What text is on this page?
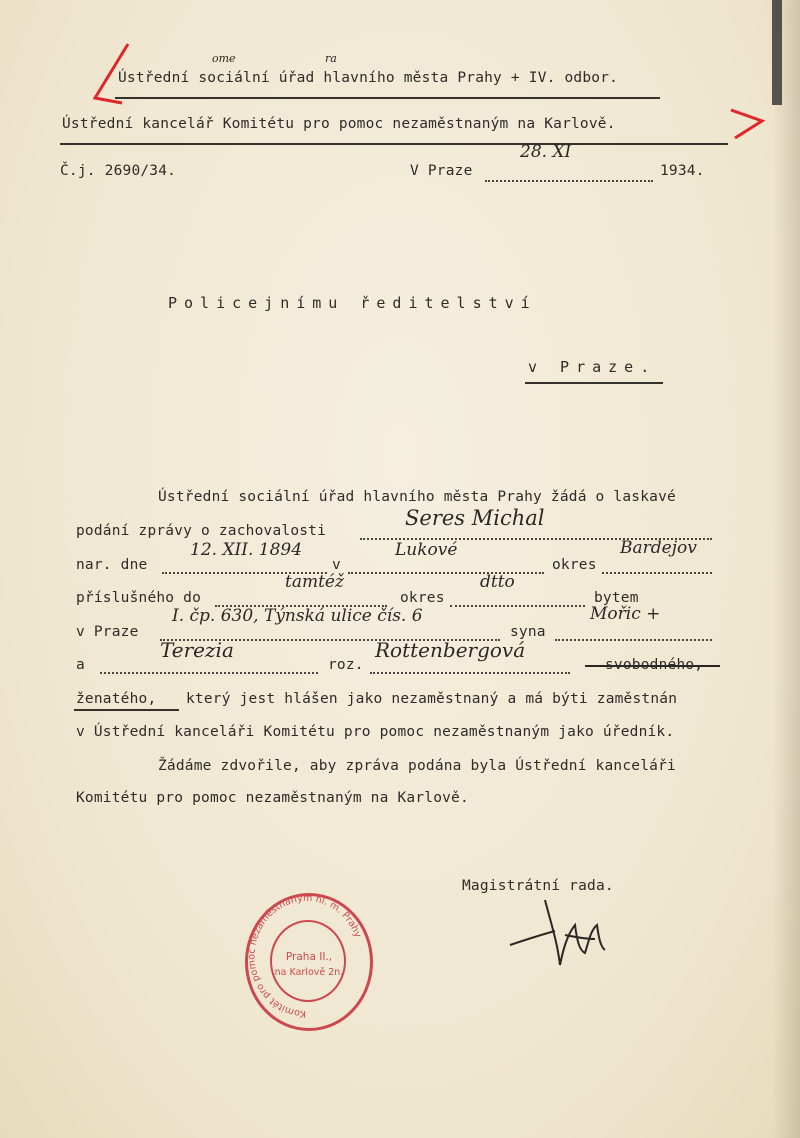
Ústřední sociální úřad hlavního města Prahy + IV. odbor.
ome	ra
Ústřední kancelář Komitétu pro pomoc nezaměstnaným na Karlově.
Č.j. 2690/34.	V Praze
28. XI
1934.
Policejnímu ředitelství
v Praze.
Ústřední sociální úřad hlavního města Prahy žádá o laskavé
podání zprávy o zachovalosti
Seres Michal
nar. dne
12. XII. 1894
v
Lukové
okres
Bardejov
příslušného do
tamtéž
okres
dtto
bytem
v Praze
I. čp. 630, Týnská ulice čís. 6
syna
Mořic +
a
Terezia
roz.
Rottenbergová
svobodného,
ženatého, který jest hlášen jako nezaměstnaný a má býti zaměstnán
v Ústřední kanceláři Komitétu pro pomoc nezaměstnaným jako úředník.
Žádáme zdvořile, aby zpráva podána byla Ústřední kanceláři
Komitétu pro pomoc nezaměstnaným na Karlově.
Magistrátní rada.
Komitét pro pomoc nezaměstnaným hl. m. Prahy
Praha II.,
na Karlově 2n.
